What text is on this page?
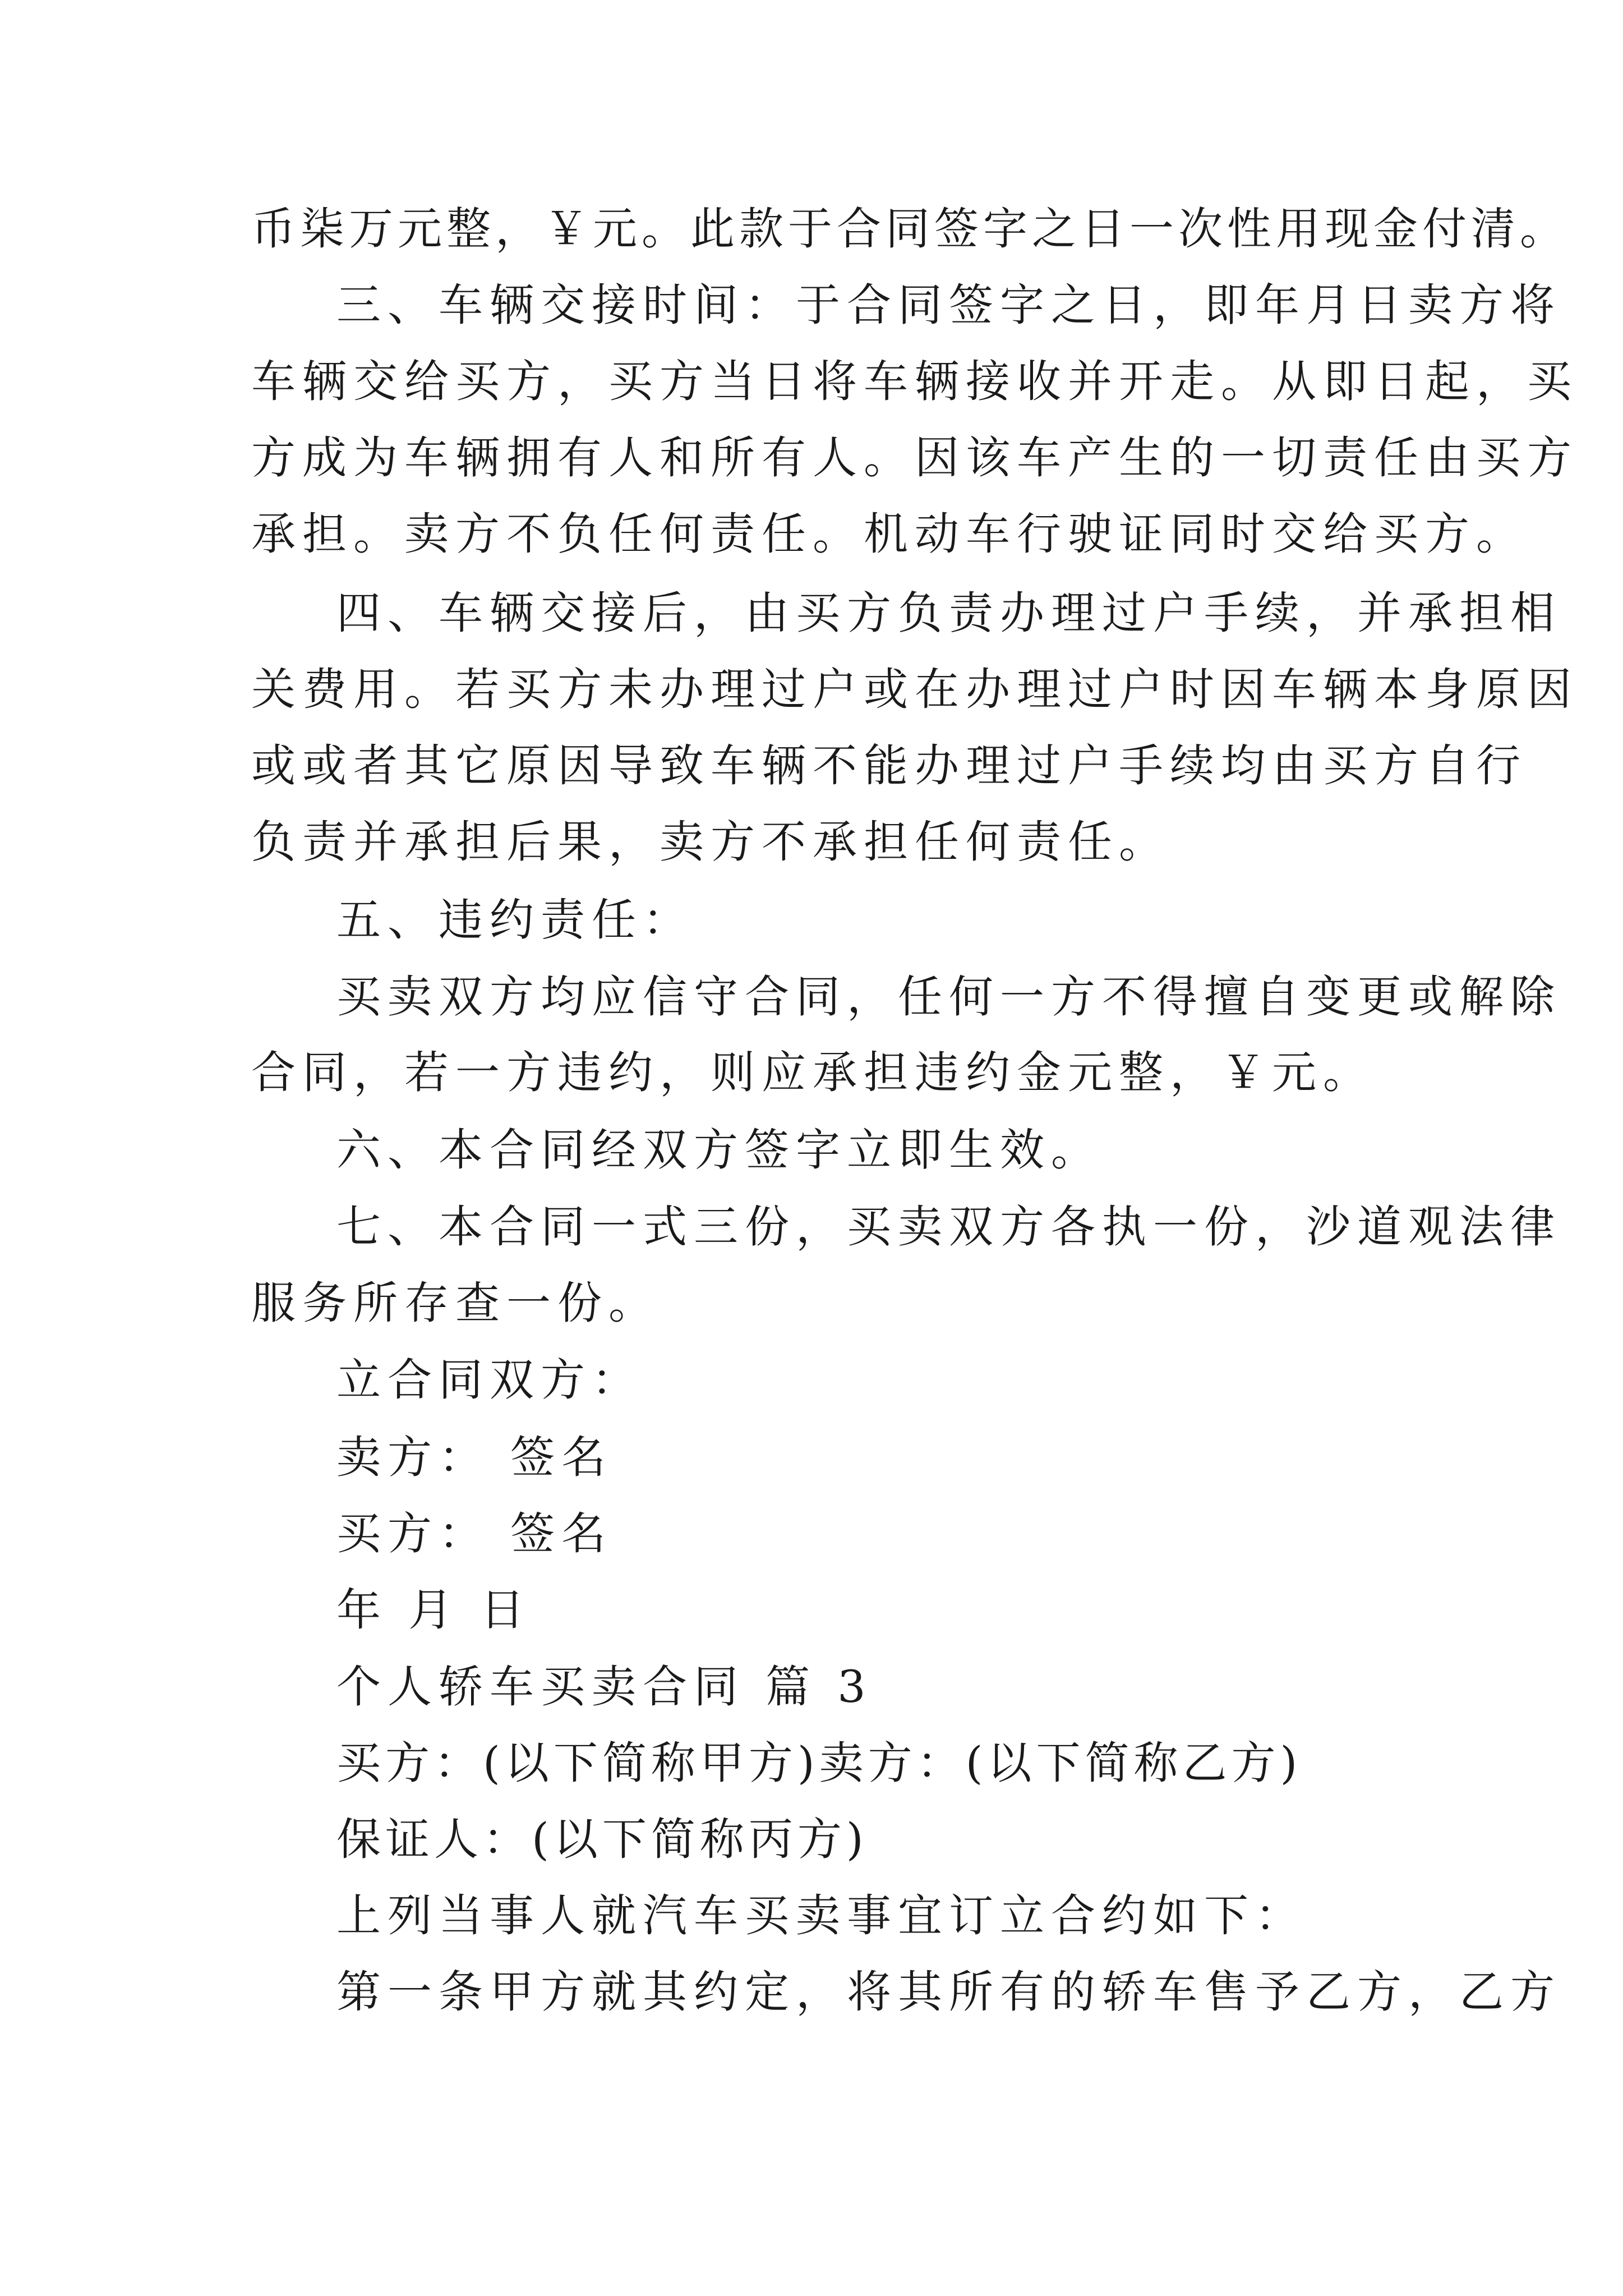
币柒万元整，￥元。此款于合同签字之日一次性用现金付清。
三、车辆交接时间：于合同签字之日，即年月日卖方将
车辆交给买方，买方当日将车辆接收并开走。从即日起，买
方成为车辆拥有人和所有人。因该车产生的一切责任由买方
承担。卖方不负任何责任。机动车行驶证同时交给买方。
四、车辆交接后，由买方负责办理过户手续，并承担相
关费用。若买方未办理过户或在办理过户时因车辆本身原因
或或者其它原因导致车辆不能办理过户手续均由买方自行
负责并承担后果，卖方不承担任何责任。
五、违约责任：
买卖双方均应信守合同，任何一方不得擅自变更或解除
合同，若一方违约，则应承担违约金元整，￥元。
六、本合同经双方签字立即生效。
七、本合同一式三份，买卖双方各执一份，沙道观法律
服务所存查一份。
立合同双方：
卖方： 签名
买方： 签名
年 月 日
个人轿车买卖合同 篇 3
买方：(以下简称甲方)卖方：(以下简称乙方)
保证人：(以下简称丙方)
上列当事人就汽车买卖事宜订立合约如下：
第一条甲方就其约定，将其所有的轿车售予乙方，乙方
